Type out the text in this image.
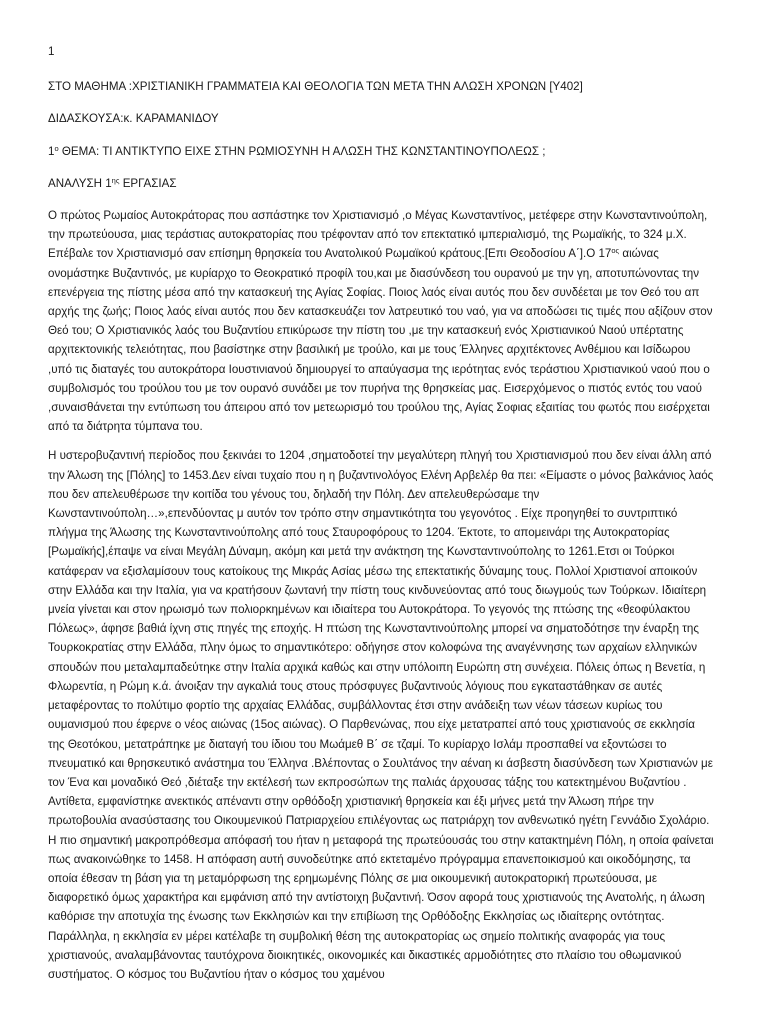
1

ΣΤΟ ΜΑΘΗΜΑ :ΧΡΙΣΤΙΑΝΙΚΗ ΓΡΑΜΜΑΤΕΙΑ ΚΑΙ ΘΕΟΛΟΓΙΑ ΤΩΝ ΜΕΤΑ ΤΗΝ ΑΛΩΣΗ ΧΡΟΝΩΝ [Υ402]

ΔΙΔΑΣΚΟΥΣΑ:κ. ΚΑΡΑΜΑΝΙΔΟΥ

$1^o$ ΘΕΜΑ: ΤΙ ΑΝΤΙΚΤΥΠΟ ΕΙΧΕ ΣΤΗΝ ΡΩΜΙΟΣΥΝΗ Η ΑΛΩΣΗ ΤΗΣ ΚΩΝΣΤΑΝΤΙΝΟΥΠΟΛΕΩΣ ;

ΑΝΑΛΥΣΗ $1^{\eta\varsigma}$ ΕΡΓΑΣΙΑΣ

Ο πρώτος Ρωμαίος Αυτοκράτορας που ασπάστηκε τον Χριστιανισμό ,ο Μέγας Κωνσταντίνος, μετέφερε στην Κωνσταντινούπολη, την πρωτεύουσα, μιας τεράστιας αυτοκρατορίας που τρέφονταν από τον επεκτατικό ιμπεριαλισμό, της Ρωμαϊκής, το 324 μ.Χ. Επέβαλε τον Χριστιανισμό σαν επίσημη θρησκεία του Ανατολικού Ρωμαϊκού κράτους.[Επι Θεοδοσίου Α΄].Ο $17^{o\varsigma}$ αιώνας ονομάστηκε Βυζαντινός, με κυρίαρχο το Θεοκρατικό προφίλ του,και με διασύνδεση του ουρανού με την γη, αποτυπώνοντας την επενέργεια της πίστης μέσα από την κατασκευή της Αγίας Σοφίας. Ποιος λαός είναι αυτός που δεν συνδέεται με τον Θεό του απ αρχής της ζωής; Ποιος λαός είναι αυτός που δεν κατασκευάζει τον λατρευτικό του ναό, για να αποδώσει τις τιμές που αξίζουν στον Θεό του; Ο Χριστιανικός λαός του Βυζαντίου επικύρωσε την πίστη του ,με την κατασκευή ενός Χριστιανικού Ναού υπέρτατης αρχιτεκτονικής τελειότητας, που βασίστηκε στην βασιλική με τρούλο, και με τους Έλληνες αρχιτέκτονες Ανθέμιου και Ισίδωρου ,υπό τις διαταγές του αυτοκράτορα Ιουστινιανού δημιουργεί το απαύγασμα της ιερότητας ενός τεράστιου Χριστιανικού ναού που ο συμβολισμός του τρούλου του με τον ουρανό συνάδει με τον πυρήνα της θρησκείας μας. Εισερχόμενος ο πιστός εντός του ναού ,συναισθάνεται την εντύπωση του άπειρου από τον μετεωρισμό του τρούλου της, Αγίας Σοφιας εξαιτίας του φωτός που εισέρχεται από τα διάτρητα τύμπανα του.

Η υστεροβυζαντινή περίοδος που ξεκινάει το 1204 ,σηματοδοτεί την μεγαλύτερη πληγή του Χριστιανισμού που δεν είναι άλλη από την Άλωση της [Πόλης] το 1453.Δεν είναι τυχαίο που η η βυζαντινολόγος Ελένη Αρβελέρ θα πει: «Είμαστε ο μόνος βαλκάνιος λαός που δεν απελευθέρωσε την κοιτίδα του γένους του, δηλαδή την Πόλη. Δεν απελευθερώσαμε την Κωνσταντινούπολη…»,επενδύοντας μ αυτόν τον τρόπο στην σημαντικότητα του γεγονότος . Είχε προηγηθεί το συντριπτικό πλήγμα της Άλωσης της Κωνσταντινούπολης από τους Σταυροφόρους το 1204. Έκτοτε, το απομεινάρι της Αυτοκρατορίας [Ρωμαϊκής],έπαψε να είναι Μεγάλη Δύναμη, ακόμη και μετά την ανάκτηση της Κωνσταντινούπολης το 1261.Ετσι οι Τούρκοι κατάφεραν να εξισλαμίσουν τους κατοίκους της Μικράς Ασίας μέσω της επεκτατικής δύναμης τους. Πολλοί Χριστιανοί αποικούν στην Ελλάδα και την Ιταλία, για να κρατήσουν ζωντανή την πίστη τους κινδυνεύοντας από τους διωγμούς των Τούρκων. Ιδιαίτερη μνεία γίνεται και στον ηρωισμό των πολιορκημένων και ιδιαίτερα του Αυτοκράτορα. Το γεγονός της πτώσης της «θεοφύλακτου Πόλεως», άφησε βαθιά ίχνη στις πηγές της εποχής. Η πτώση της Κωνσταντινούπολης μπορεί να σηματοδότησε την έναρξη της Τουρκοκρατίας στην Ελλάδα, πλην όμως το σημαντικότερο: οδήγησε στον κολοφώνα της αναγέννησης των αρχαίων ελληνικών σπουδών που μεταλαμπαδεύτηκε στην Ιταλία αρχικά καθώς και στην υπόλοιπη Ευρώπη στη συνέχεια. Πόλεις όπως η Βενετία, η Φλωρεντία, η Ρώμη κ.ά. άνοιξαν την αγκαλιά τους στους πρόσφυγες βυζαντινούς λόγιους που εγκαταστάθηκαν σε αυτές μεταφέροντας το πολύτιμο φορτίο της αρχαίας Ελλάδας, συμβάλλοντας έτσι στην ανάδειξη των νέων τάσεων κυρίως του ουμανισμού που έφερνε ο νέος αιώνας (15ος αιώνας). Ο Παρθενώνας, που είχε μετατραπεί από τους χριστιανούς σε εκκλησία της Θεοτόκου, μετατράπηκε με διαταγή του ίδιου του Μωάμεθ Β΄ σε τζαμί. Το κυρίαρχο Ισλάμ προσπαθεί να εξοντώσει το πνευματικό και θρησκευτικό ανάστημα του Έλληνα .Βλέποντας ο Σουλτάνος την αέναη κι άσβεστη διασύνδεση των Χριστιανών με τον Ένα και μοναδικό Θεό ,διέταξε την εκτέλεσή των εκπροσώπων της παλιάς άρχουσας τάξης του κατεκτημένου Βυζαντίου . Αντίθετα, εμφανίστηκε ανεκτικός απέναντι στην ορθόδοξη χριστιανική θρησκεία και έξι μήνες μετά την Άλωση πήρε την πρωτοβουλία ανασύστασης του Οικουμενικού Πατριαρχείου επιλέγοντας ως πατριάρχη τον ανθενωτικό ηγέτη Γεννάδιο Σχολάριο. Η πιο σημαντική μακροπρόθεσμα απόφασή του ήταν η μεταφορά της πρωτεύουσάς του στην κατακτημένη Πόλη, η οποία φαίνεται πως ανακοινώθηκε το 1458. Η απόφαση αυτή συνοδεύτηκε από εκτεταμένο πρόγραμμα επανεποικισμού και οικοδόμησης, τα οποία έθεσαν τη βάση για τη μεταμόρφωση της ερημωμένης Πόλης σε μια οικουμενική αυτοκρατορική πρωτεύουσα, με διαφορετικό όμως χαρακτήρα και εμφάνιση από την αντίστοιχη βυζαντινή. Όσον αφορά τους χριστιανούς της Ανατολής, η άλωση καθόρισε την αποτυχία της ένωσης των Εκκλησιών και την επιβίωση της Ορθόδοξης Εκκλησίας ως ιδιαίτερης οντότητας. Παράλληλα, η εκκλησία εν μέρει κατέλαβε τη συμβολική θέση της αυτοκρατορίας ως σημείο πολιτικής αναφοράς για τους χριστιανούς, αναλαμβάνοντας ταυτόχρονα διοικητικές, οικονομικές και δικαστικές αρμοδιότητες στο πλαίσιο του οθωμανικού συστήματος. Ο κόσμος του Βυζαντίου ήταν ο κόσμος του χαμένου
